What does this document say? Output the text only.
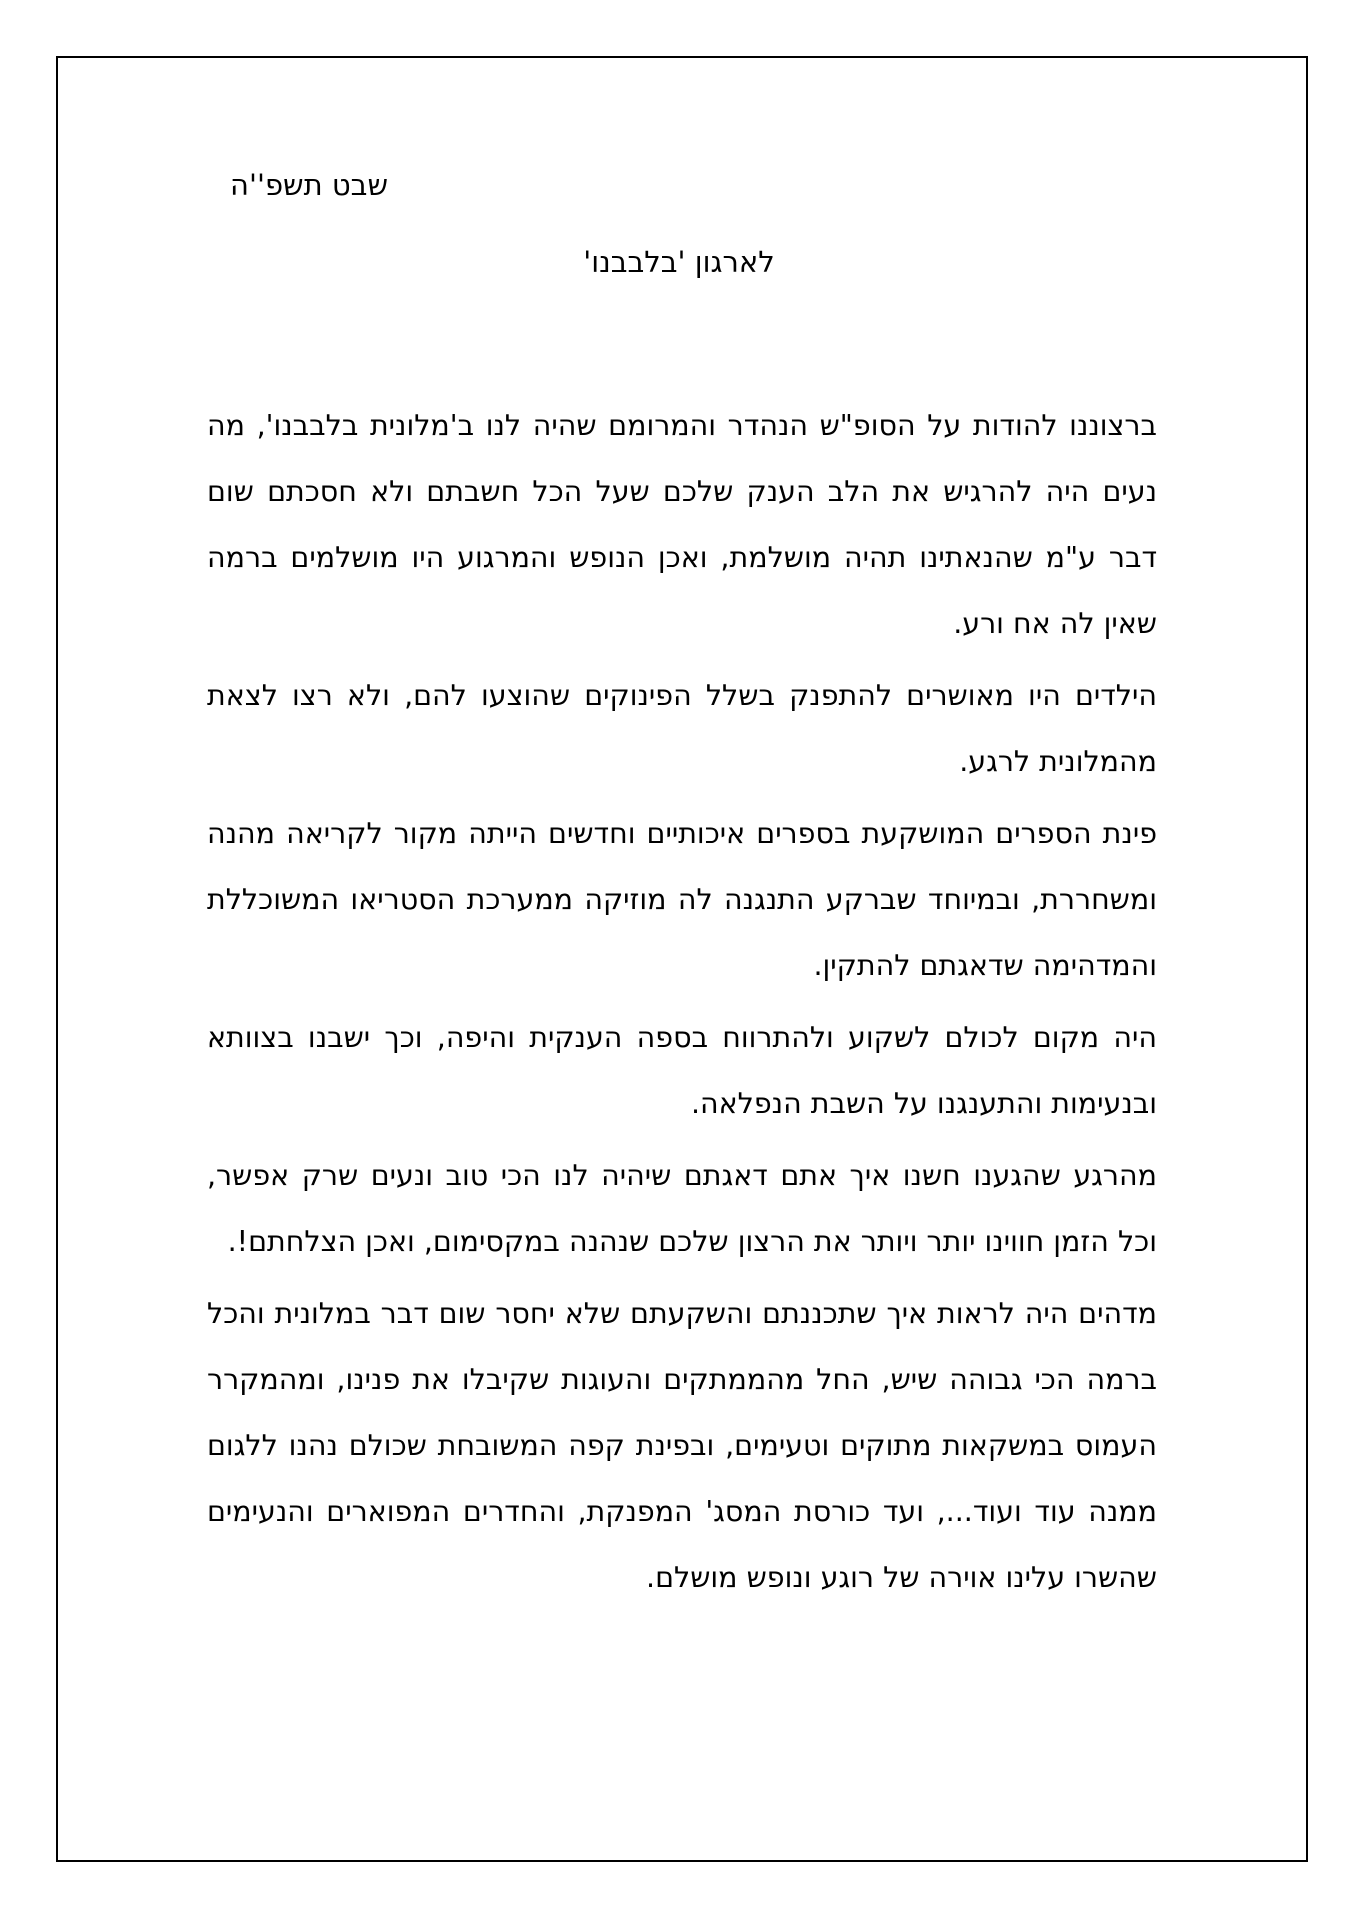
שבט תשפ''ה
לארגון 'בלבבנו'

ברצוננו להודות על הסופ"ש הנהדר והמרומם שהיה לנו ב'מלונית בלבבנו', מה נעים היה להרגיש את הלב הענק שלכם שעל הכל חשבתם ולא חסכתם שום דבר ע"מ שהנאתינו תהיה מושלמת, ואכן הנופש והמרגוע היו מושלמים ברמה שאין לה אח ורע.

הילדים היו מאושרים להתפנק בשלל הפינוקים שהוצעו להם, ולא רצו לצאת מהמלונית לרגע.

פינת הספרים המושקעת בספרים איכותיים וחדשים הייתה מקור לקריאה מהנה ומשחררת, ובמיוחד שברקע התנגנה לה מוזיקה ממערכת הסטריאו המשוכללת והמדהימה שדאגתם להתקין.

היה מקום לכולם לשקוע ולהתרווח בספה הענקית והיפה, וכך ישבנו בצוותא ובנעימות והתענגנו על השבת הנפלאה.

מהרגע שהגענו חשנו איך אתם דאגתם שיהיה לנו הכי טוב ונעים שרק אפשר, וכל הזמן חווינו יותר ויותר את הרצון שלכם שנהנה במקסימום, ואכן הצלחתם!.

מדהים היה לראות איך שתכננתם והשקעתם שלא יחסר שום דבר במלונית והכל ברמה הכי גבוהה שיש, החל מהממתקים והעוגות שקיבלו את פנינו, ומהמקרר העמוס במשקאות מתוקים וטעימים, ובפינת קפה המשובחת שכולם נהנו ללגום ממנה עוד ועוד..., ועד כורסת המסג' המפנקת, והחדרים המפוארים והנעימים שהשרו עלינו אוירה של רוגע ונופש מושלם.
